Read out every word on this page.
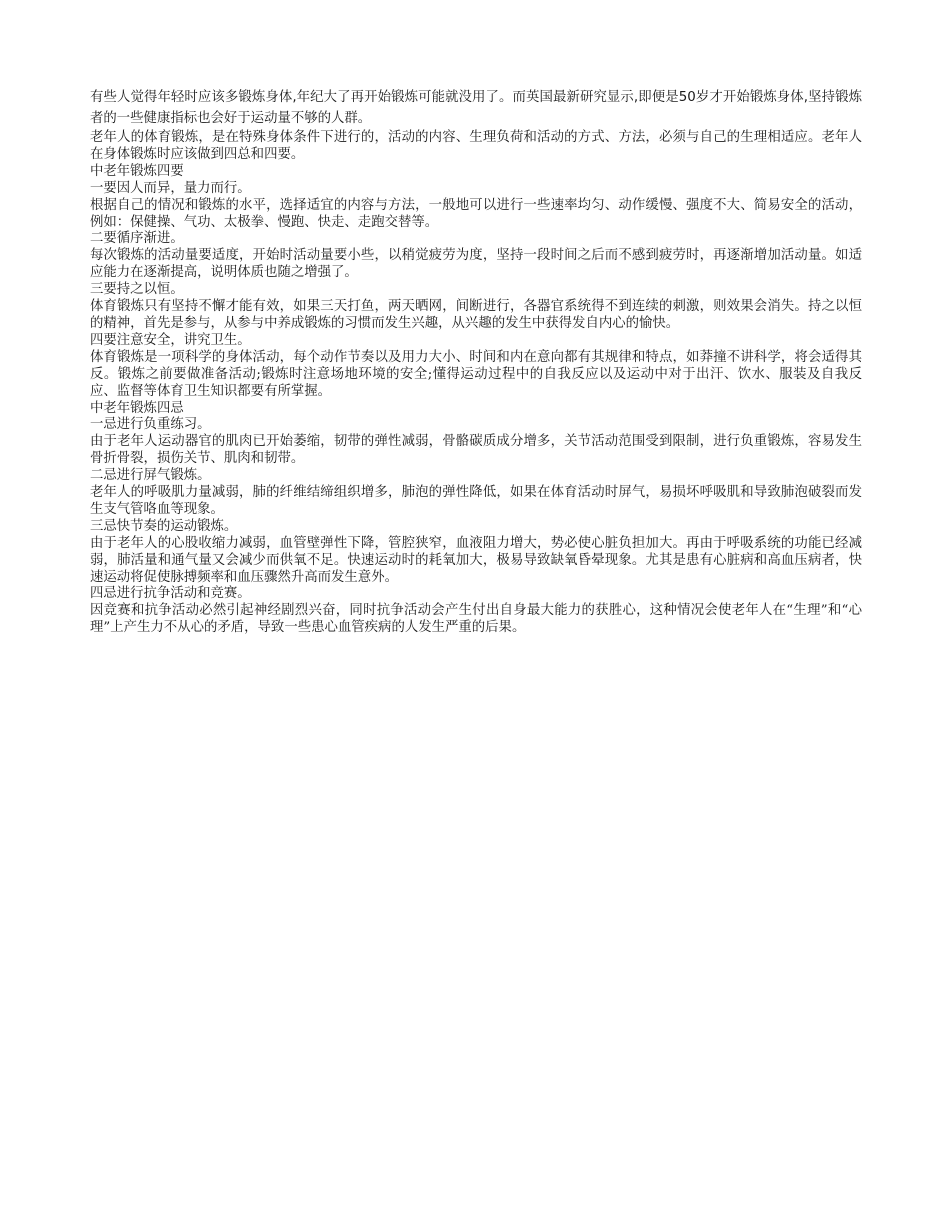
有些人觉得年轻时应该多锻炼身体,年纪大了再开始锻炼可能就没用了。而英国最新研究显示,即便是50岁才开始锻炼身体,坚持锻炼者的一些健康指标也会好于运动量不够的人群。

老年人的体育锻炼，是在特殊身体条件下进行的，活动的内容、生理负荷和活动的方式、方法，必须与自己的生理相适应。老年人在身体锻炼时应该做到四总和四要。

中老年锻炼四要

一要因人而异，量力而行。

根据自己的情况和锻炼的水平，选择适宜的内容与方法，一般地可以进行一些速率均匀、动作缓慢、强度不大、简易安全的活动，例如：保健操、气功、太极拳、慢跑、快走、走跑交替等。

二要循序渐进。

每次锻炼的活动量要适度，开始时活动量要小些，以稍觉疲劳为度，坚持一段时间之后而不感到疲劳时，再逐渐增加活动量。如适应能力在逐渐提高，说明体质也随之增强了。

三要持之以恒。

体育锻炼只有坚持不懈才能有效，如果三天打鱼，两天晒网，间断进行，各器官系统得不到连续的刺激，则效果会消失。持之以恒的精神，首先是参与，从参与中养成锻炼的习惯而发生兴趣，从兴趣的发生中获得发自内心的愉快。

四要注意安全，讲究卫生。

体育锻炼是一项科学的身体活动，每个动作节奏以及用力大小、时间和内在意向都有其规律和特点，如莽撞不讲科学，将会适得其反。锻炼之前要做准备活动;锻炼时注意场地环境的安全;懂得运动过程中的自我反应以及运动中对于出汗、饮水、服装及自我反应、监督等体育卫生知识都要有所掌握。

中老年锻炼四忌

一忌进行负重练习。

由于老年人运动器官的肌肉已开始萎缩，韧带的弹性减弱，骨骼碳质成分增多，关节活动范围受到限制，进行负重锻炼，容易发生骨折骨裂，损伤关节、肌肉和韧带。

二忌进行屏气锻炼。

老年人的呼吸肌力量减弱，肺的纤维结缔组织增多，肺泡的弹性降低，如果在体育活动时屏气，易损坏呼吸肌和导致肺泡破裂而发生支气管咯血等现象。

三忌快节奏的运动锻炼。

由于老年人的心股收缩力减弱，血管壁弹性下降，管腔狭窄，血液阻力增大，势必使心脏负担加大。再由于呼吸系统的功能已经减弱，肺活量和通气量又会减少而供氧不足。快速运动时的耗氧加大，极易导致缺氧昏晕现象。尤其是患有心脏病和高血压病者，快速运动将促使脉搏频率和血压骤然升高而发生意外。

四忌进行抗争活动和竞赛。

因竞赛和抗争活动必然引起神经剧烈兴奋，同时抗争活动会产生付出自身最大能力的获胜心，这种情况会使老年人在“生理”和“心理”上产生力不从心的矛盾，导致一些患心血管疾病的人发生严重的后果。
